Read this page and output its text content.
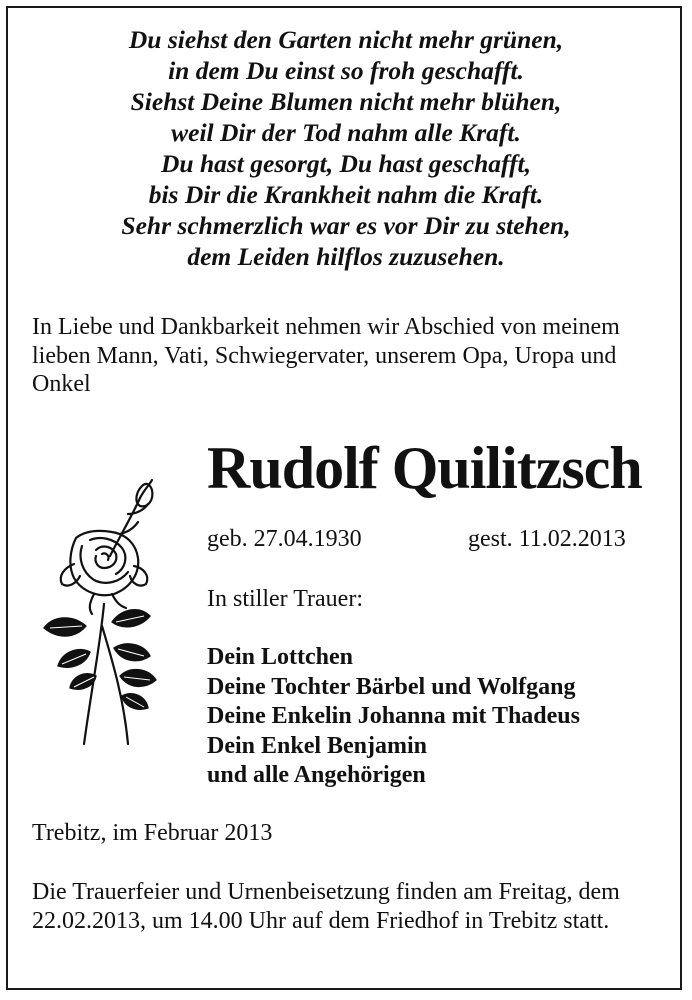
Du siehst den Garten nicht mehr grünen,
in dem Du einst so froh geschafft.
Siehst Deine Blumen nicht mehr blühen,
weil Dir der Tod nahm alle Kraft.
Du hast gesorgt, Du hast geschafft,
bis Dir die Krankheit nahm die Kraft.
Sehr schmerzlich war es vor Dir zu stehen,
dem Leiden hilflos zuzusehen.

In Liebe und Dankbarkeit nehmen wir Abschied von meinem lieben Mann, Vati, Schwiegervater, unserem Opa, Uropa und Onkel

Rudolf Quilitzsch
geb. 27.04.1930	gest. 11.02.2013

In stiller Trauer:

Dein Lottchen
Deine Tochter Bärbel und Wolfgang
Deine Enkelin Johanna mit Thadeus
Dein Enkel Benjamin
und alle Angehörigen

Trebitz, im Februar 2013

Die Trauerfeier und Urnenbeisetzung finden am Freitag, dem 22.02.2013, um 14.00 Uhr auf dem Friedhof in Trebitz statt.
